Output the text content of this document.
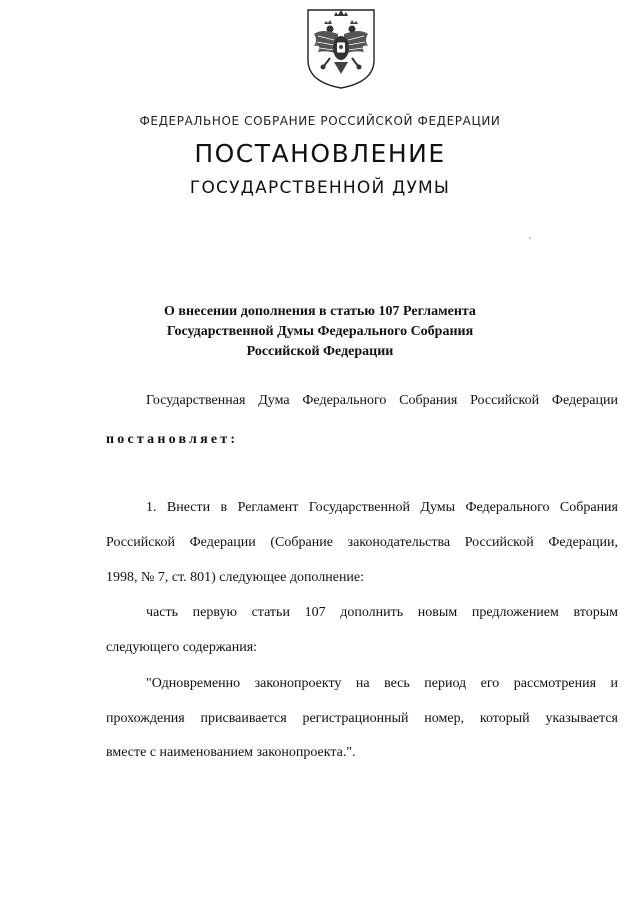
ФЕДЕРАЛЬНОЕ СОБРАНИЕ РОССИЙСКОЙ ФЕДЕРАЦИИ
ПОСТАНОВЛЕНИЕ
ГОСУДАРСТВЕННОЙ ДУМЫ
О внесении дополнения в статью 107 Регламента
Государственной Думы Федерального Собрания
Российской Федерации
Государственная Дума Федерального Собрания Российской Федерации
постановляет:
1. Внести в Регламент Государственной Думы Федерального Собрания
Российской Федерации (Собрание законодательства Российской Федерации,
1998, № 7, ст. 801) следующее дополнение:
часть первую статьи 107 дополнить новым предложением вторым
следующего содержания:
"Одновременно законопроекту на весь период его рассмотрения и
прохождения присваивается регистрационный номер, который указывается
вместе с наименованием законопроекта.".
